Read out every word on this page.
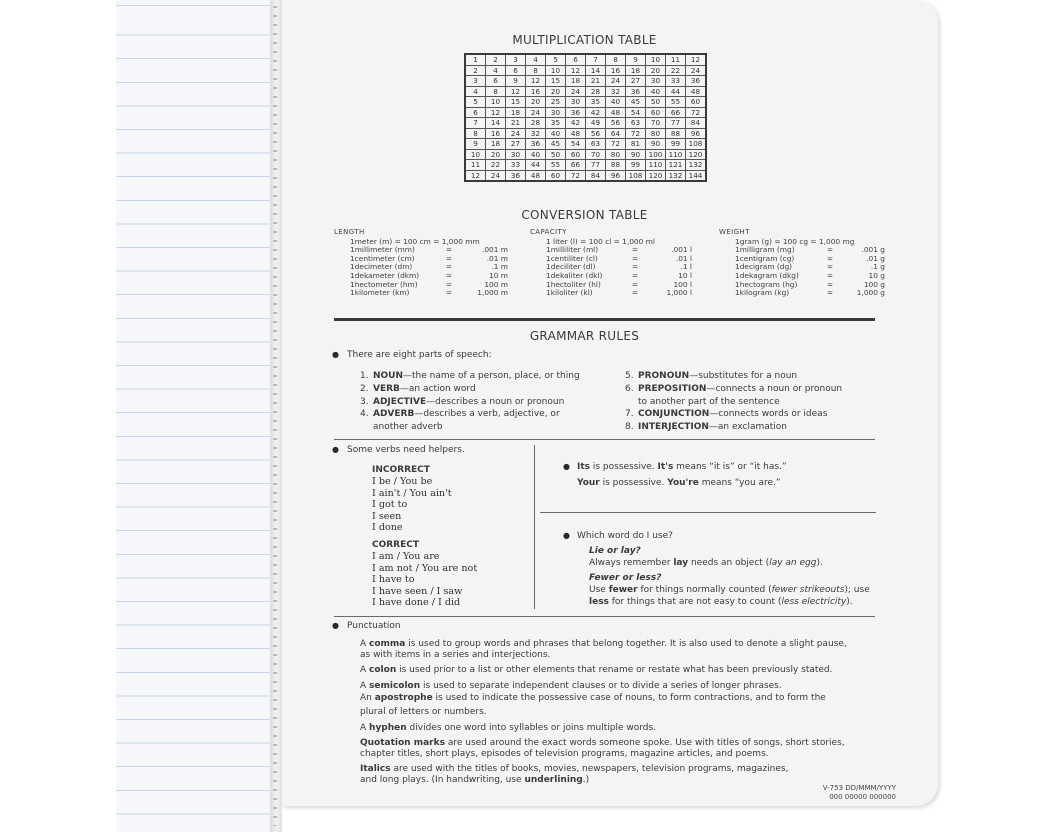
MULTIPLICATION TABLE
1	2	3	4	5	6	7	8	9	10	11	12
2	4	6	8	10	12	14	16	18	20	22	24
3	6	9	12	15	18	21	24	27	30	33	36
4	8	12	16	20	24	28	32	36	40	44	48
5	10	15	20	25	30	35	40	45	50	55	60
6	12	18	24	30	36	42	48	54	60	66	72
7	14	21	28	35	42	49	56	63	70	77	84
8	16	24	32	40	48	56	64	72	80	88	96
9	18	27	36	45	54	63	72	81	90	99	108
10	20	30	40	50	60	70	80	90	100	110	120
11	22	33	44	55	66	77	88	99	110	121	132
12	24	36	48	60	72	84	96	108	120	132	144
CONVERSION TABLE
LENGTH
1meter (m) = 100 cm = 1,000 mm
1millimeter (mm)	=	.001 m
1centimeter (cm)	=	.01 m
1decimeter (dm)	=	.1 m
1dekameter (dkm)	=	10 m
1hectometer (hm)	=	100 m
1kilometer (km)	=	1,000 m
CAPACITY
1 liter (l) = 100 cl = 1,000 ml
1milliliter (ml)	=	.001 l
1centiliter (cl)	=	.01 l
1deciliter (dl)	=	.1 l
1dekaliter (dkl)	=	10 l
1hectoliter (hl)	=	100 l
1kiloliter (kl)	=	1,000 l
WEIGHT
1gram (g) = 100 cg = 1,000 mg
1milligram (mg)	=	.001 g
1centigram (cg)	=	.01 g
1decigram (dg)	=	.1 g
1dekagram (dkg)	=	10 g
1hectogram (hg)	=	100 g
1kilogram (kg)	=	1,000 g
GRAMMAR RULES
● There are eight parts of speech:
1. NOUN—the name of a person, place, or thing
2. VERB—an action word
3. ADJECTIVE—describes a noun or pronoun
4. ADVERB—describes a verb, adjective, or
another adverb
5. PRONOUN—substitutes for a noun
6. PREPOSITION—connects a noun or pronoun
to another part of the sentence
7. CONJUNCTION—connects words or ideas
8. INTERJECTION—an exclamation
● Some verbs need helpers.
INCORRECT
I be / You be
I ain't / You ain't
I got to
I seen
I done
CORRECT
I am / You are
I am not / You are not
I have to
I have seen / I saw
I have done / I did
● Its is possessive. It's means “it is” or “it has.”
Your is possessive. You're means “you are.”
● Which word do I use?
Lie or lay?
Always remember lay needs an object (lay an egg).
Fewer or less?
Use fewer for things normally counted (fewer strikeouts); use
less for things that are not easy to count (less electricity).
● Punctuation
A comma is used to group words and phrases that belong together. It is also used to denote a slight pause,
as with items in a series and interjections.
A colon is used prior to a list or other elements that rename or restate what has been previously stated.
A semicolon is used to separate independent clauses or to divide a series of longer phrases.
An apostrophe is used to indicate the possessive case of nouns, to form contractions, and to form the
plural of letters or numbers.
A hyphen divides one word into syllables or joins multiple words.
Quotation marks are used around the exact words someone spoke. Use with titles of songs, short stories,
chapter titles, short plays, episodes of television programs, magazine articles, and poems.
Italics are used with the titles of books, movies, newspapers, television programs, magazines,
and long plays. (In handwriting, use underlining.)
V-753 DD/MMM/YYYY
000 00000 000000
